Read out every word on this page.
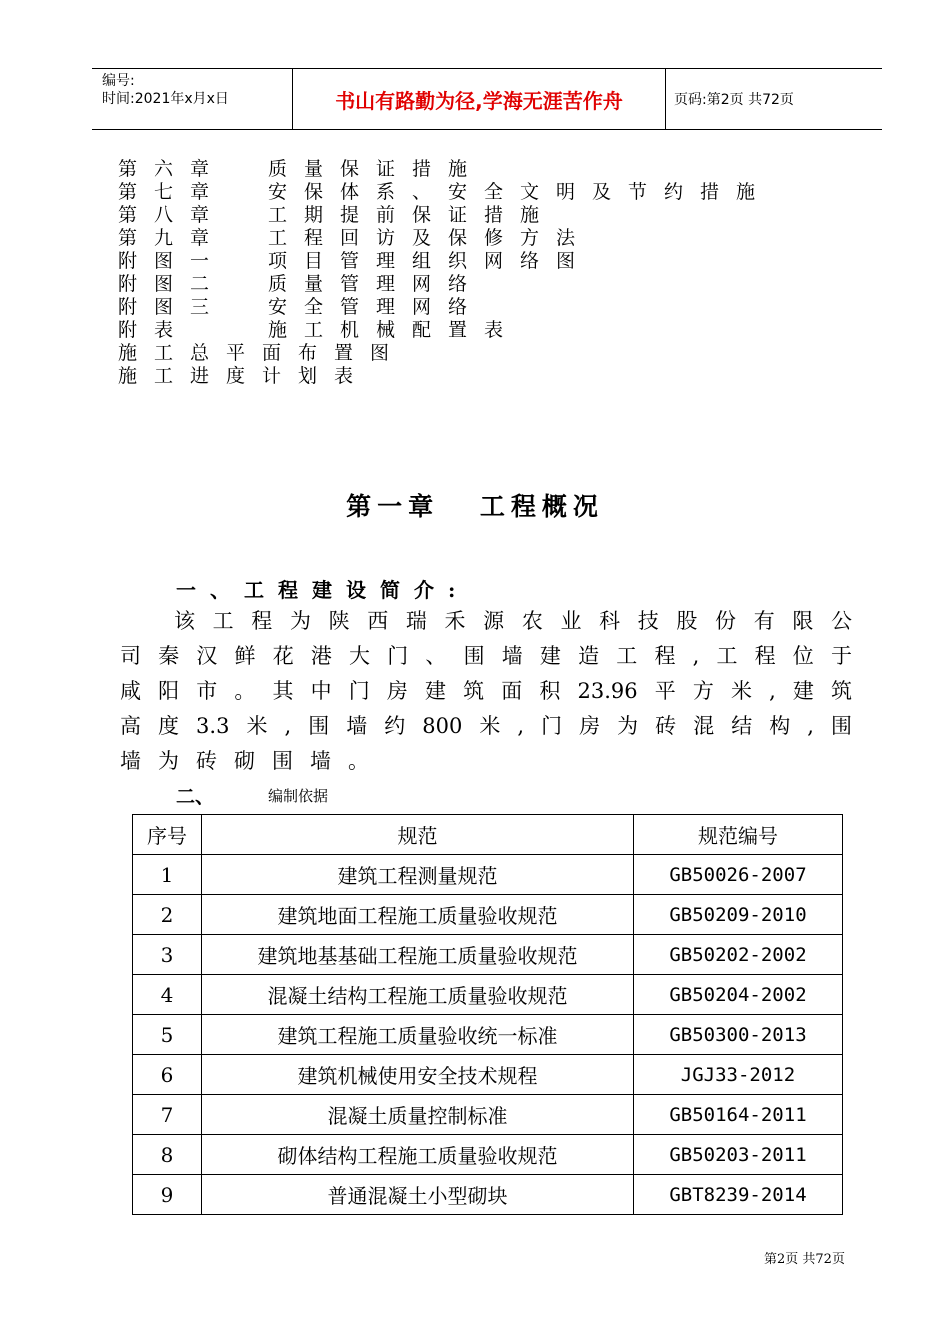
编号:
时间:2021年x月x日	书山有路勤为径,学海无涯苦作舟	页码:第2页 共72页
第六章 质量保证措施
第七章 安保体系、安全文明及节约措施
第八章 工期提前保证措施
第九章 工程回访及保修方法
附图一 项目管理组织网络图
附图二 质量管理网络
附图三 安全管理网络
附表	施工机械配置表
施工总平面布置图
施工进度计划表
第一章 工程概况
一、工程建设简介:
该工程为陕西瑞禾源农业科技股份有限公
司秦汉鲜花港大门、围墙建造工程,工程位于
咸阳市。其中门房建筑面积23.96平方米,建筑
高度3.3米,围墙约800米,门房为砖混结构,围
墙为砖砌围墙。
二、	编制依据
序号	规范	规范编号
1	建筑工程测量规范	GB50026-2007
2	建筑地面工程施工质量验收规范	GB50209-2010
3	建筑地基基础工程施工质量验收规范	GB50202-2002
4	混凝土结构工程施工质量验收规范	GB50204-2002
5	建筑工程施工质量验收统一标准	GB50300-2013
6	建筑机械使用安全技术规程	JGJ33-2012
7	混凝土质量控制标准	GB50164-2011
8	砌体结构工程施工质量验收规范	GB50203-2011
9	普通混凝土小型砌块	GBT8239-2014
第2页 共72页
